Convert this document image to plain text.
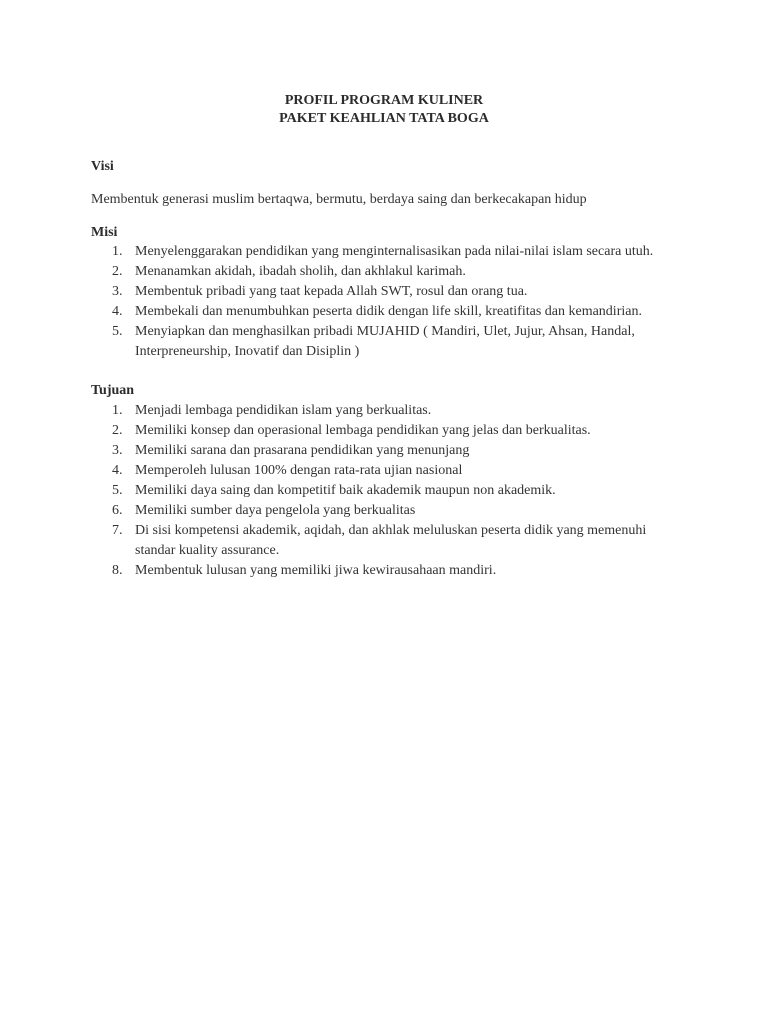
PROFIL PROGRAM KULINER
PAKET KEAHLIAN TATA BOGA
Visi
Membentuk generasi muslim bertaqwa, bermutu, berdaya saing dan berkecakapan hidup
Misi
1. Menyelenggarakan pendidikan yang menginternalisasikan pada nilai-nilai islam secara utuh.
2. Menanamkan akidah, ibadah sholih, dan akhlakul karimah.
3. Membentuk pribadi yang taat kepada Allah SWT, rosul dan orang tua.
4. Membekali dan menumbuhkan peserta didik dengan life skill, kreatifitas dan kemandirian.
5. Menyiapkan dan menghasilkan pribadi MUJAHID ( Mandiri, Ulet, Jujur, Ahsan, Handal, Interpreneurship, Inovatif dan Disiplin )
Tujuan
1. Menjadi lembaga pendidikan islam yang berkualitas.
2. Memiliki konsep dan operasional lembaga pendidikan yang jelas dan berkualitas.
3. Memiliki sarana dan prasarana pendidikan yang menunjang
4. Memperoleh lulusan 100% dengan rata-rata ujian nasional
5. Memiliki daya saing dan kompetitif baik akademik maupun non akademik.
6. Memiliki sumber daya pengelola yang berkualitas
7. Di sisi kompetensi akademik, aqidah, dan akhlak meluluskan peserta didik yang memenuhi standar kuality assurance.
8. Membentuk lulusan yang memiliki jiwa kewirausahaan mandiri.
